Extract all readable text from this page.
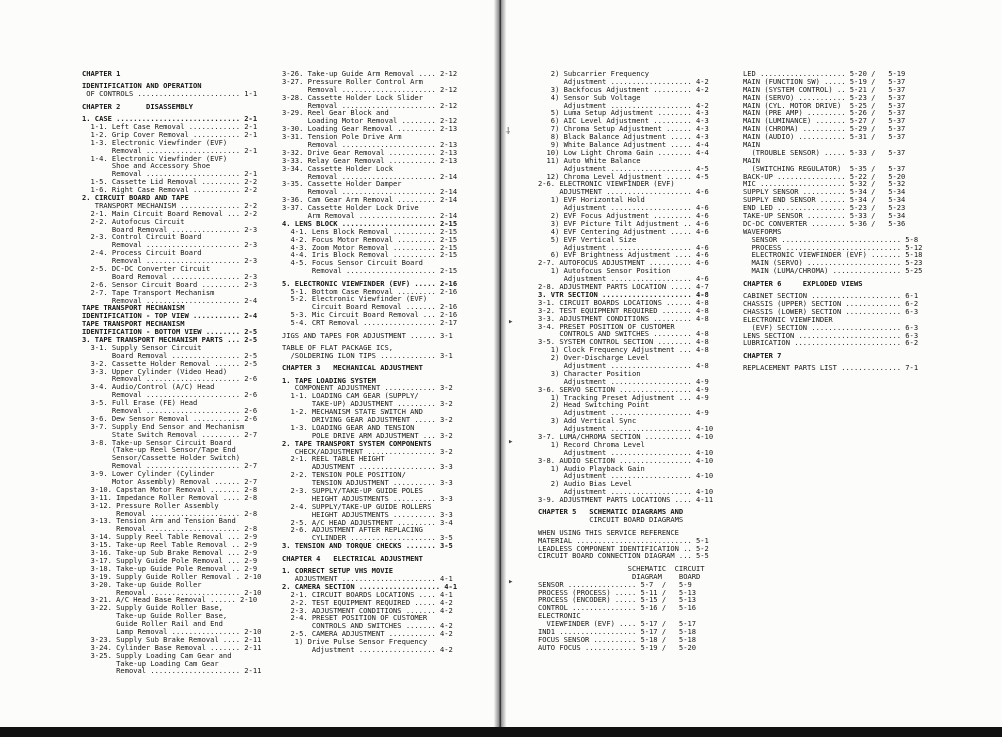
CHAPTER 1
IDENTIFICATION AND OPERATION
OF CONTROLS ........................ 1-1
CHAPTER 2      DISASSEMBLY
1. CASE ............................. 2-1
1-1. Left Case Removal ............ 2-1
1-2. Grip Cover Removal ........... 2-1
1-3. Electronic Viewfinder (EVF)
Removal ...................... 2-1
1-4. Electronic Viewfinder (EVF)
Shoe and Accessory Shoe
Removal ...................... 2-1
1-5. Cassette Lid Removal ......... 2-2
1-6. Right Case Removal ........... 2-2
2. CIRCUIT BOARD AND TAPE
TRANSPORT MECHANISM .............. 2-2
2-1. Main Circuit Board Removal ... 2-2
2-2. Autofocus Circuit
Board Removal ................ 2-3
2-3. Control Circuit Board
Removal ...................... 2-3
2-4. Process Circuit Board
Removal ...................... 2-3
2-5. DC-DC Converter Circuit
Board Removal ................ 2-3
2-6. Sensor Circuit Board ......... 2-3
2-7. Tape Transport Mechanism
Removal ...................... 2-4
TAPE TRANSPORT MECHANISM
IDENTIFICATION - TOP VIEW ........... 2-4
TAPE TRANSPORT MECHANISM
IDENTIFICATION - BOTTOM VIEW ........ 2-5
3. TAPE TRANSPORT MECHANISM PARTS ... 2-5
3-1. Supply Sensor Circuit
Board Removal ................ 2-5
3-2. Cassette Holder Removal ...... 2-5
3-3. Upper Cylinder (Video Head)
Removal ...................... 2-6
3-4. Audio/Control (A/C) Head
Removal ...................... 2-6
3-5. Full Erase (FE) Head
Removal ...................... 2-6
3-6. Dew Sensor Removal ........... 2-6
3-7. Supply End Sensor and Mechanism
State Switch Removal ......... 2-7
3-8. Take-up Sensor Circuit Board
(Take-up Reel Sensor/Tape End
Sensor/Cassette Holder Switch)
Removal ...................... 2-7
3-9. Lower Cylinder (Cylinder
Motor Assembly) Removal ...... 2-7
3-10. Capstan Motor Removal ....... 2-8
3-11. Impedance Roller Removal .... 2-8
3-12. Pressure Roller Assembly
Removal ..................... 2-8
3-13. Tension Arm and Tension Band
Removal ..................... 2-8
3-14. Supply Reel Table Removal ... 2-9
3-15. Take-up Reel Table Removal .. 2-9
3-16. Take-up Sub Brake Removal ... 2-9
3-17. Supply Guide Pole Removal ... 2-9
3-18. Take-up Guide Pole Removal .. 2-9
3-19. Supply Guide Roller Removal . 2-10
3-20. Take-up Guide Roller
Removal ..................... 2-10
3-21. A/C Head Base Removal ...... 2-10
3-22. Supply Guide Roller Base,
Take-up Guide Roller Base,
Guide Roller Rail and End
Lamp Removal ................ 2-10
3-23. Supply Sub Brake Removal .... 2-11
3-24. Cylinder Base Removal ....... 2-11
3-25. Supply Loading Cam Gear and
Take-up Loading Cam Gear
Removal ..................... 2-11
3-26. Take-up Guide Arm Removal .... 2-12
3-27. Pressure Roller Control Arm
Removal ...................... 2-12
3-28. Cassette Holder Lock Slider
Removal ...................... 2-12
3-29. Reel Gear Block and
Loading Motor Removal ........ 2-12
3-30. Loading Gear Removal ......... 2-13
3-31. Tension Pole Drive Arm
Removal ...................... 2-13
3-32. Drive Gear Removal ........... 2-13
3-33. Relay Gear Removal ........... 2-13
3-34. Cassette Holder Lock
Removal ...................... 2-14
3-35. Cassette Holder Damper
Removal ...................... 2-14
3-36. Cam Gear Arm Removal ......... 2-14
3-37. Cassette Holder Lock Drive
Arm Removal .................. 2-14
4. LENS BLOCK ...................... 2-15
4-1. Lens Block Removal .......... 2-15
4-2. Focus Motor Removal ......... 2-15
4-3. Zoom Motor Removal .......... 2-15
4-4. Iris Block Removal .......... 2-15
4-5. Focus Sensor Circuit Board
Removal ..................... 2-15
5. ELECTRONIC VIEWFINDER (EVF) ..... 2-16
5-1. Bottom Case Removal ......... 2-16
5-2. Electronic Viewfinder (EVF)
Circuit Board Removal ....... 2-16
5-3. Mic Circuit Board Removal ... 2-16
5-4. CRT Removal ................. 2-17
JIGS AND TAPES FOR ADJUSTMENT ...... 3-1
TABLE OF FLAT PACKAGE ICS,
/SOLDERING ILON TIPS ............. 3-1
CHAPTER 3   MECHANICAL ADJUSTMENT
1. TAPE LOADING SYSTEM
COMPONENT ADJUSTMENT ............ 3-2
1-1. LOADING CAM GEAR (SUPPLY/
TAKE-UP) ADJUSTMENT ......... 3-2
1-2. MECHANISM STATE SWITCH AND
DRIVING GEAR ADJUSTMENT ..... 3-2
1-3. LOADING GEAR AND TENSION
POLE DRIVE ARM ADJUSTMENT ... 3-2
2. TAPE TRANSPORT SYSTEM COMPONENTS
CHECK/ADJUSTMENT ................ 3-2
2-1. REEL TABLE HEIGHT
ADJUSTMENT .................. 3-3
2-2. TENSION POLE POSITION/
TENSION ADJUSTMENT .......... 3-3
2-3. SUPPLY/TAKE-UP GUIDE POLES
HEIGHT ADJUSTMENTS .......... 3-3
2-4. SUPPLY/TAKE-UP GUIDE ROLLERS
HEIGHT ADJUSTMENTS .......... 3-3
2-5. A/C HEAD ADJUSTMENT ......... 3-4
2-6. ADJUSTMENT AFTER REPLACING
CYLINDER .................... 3-5
3. TENSION AND TORQUE CHECKS ....... 3-5
CHAPTER 4   ELECTRICAL ADJUSTMENT
1. CORRECT SETUP VHS MOVIE
ADJUSTMENT ...................... 4-1
2. CAMERA SECTION ................... 4-1
2-1. CIRCUIT BOARDS LOCATIONS .... 4-1
2-2. TEST EQUIPMENT REQUIRED ..... 4-2
2-3. ADJUSTMENT CONDITIONS ....... 4-2
2-4. PRESET POSITION OF CUSTOMER
CONTROLS AND SWITCHES ....... 4-2
2-5. CAMERA ADJUSTMENT ........... 4-2
1) Drive Pulse Sensor Frequency
Adjustment .................. 4-2
2) Subcarrier Frequency
Adjustment ................... 4-2
3) Backfocus Adjustment ......... 4-2
4) Sensor Sub Voltage
Adjustment ................... 4-2
5) Luma Setup Adjustment ........ 4-3
6) AIC Level Adjustment ......... 4-3
7) Chroma Setup Adjustment ...... 4-3
8) Black Balance Adjustment ..... 4-3
9) White Balance Adjustment ..... 4-4
10) Low Light Chroma Gain ........ 4-4
11) Auto White Balance
Adjustment ................... 4-5
12) Chroma Level Adjustment ...... 4-5
2-6. ELECTRONIC VIEWFINDER (EVF)
ADJUSTMENT .................... 4-6
1) EVF Horizontal Hold
Adjustment ................... 4-6
2) EVF Focus Adjustment ......... 4-6
3) EVF Picture Tilt Adjustment .. 4-6
4) EVF Centering Adjustment ..... 4-6
5) EVF Vertical Size
Adjustment ................... 4-6
6) EVF Brightness Adjustment .... 4-6
2-7. AUTOFOCUS ADJUSTMENT .......... 4-6
1) Autofocus Sensor Position
Adjustment ................... 4-6
2-8. ADJUSTMENT PARTS LOCATION ..... 4-7
3. VTR SECTION ..................... 4-8
3-1. CIRCUIT BOARDS LOCATIONS ...... 4-8
3-2. TEST EQUIPMENT REQUIRED ....... 4-8
3-3. ADJUSTMENT CONDITIONS ......... 4-8
3-4. PRESET POSITION OF CUSTOMER
CONTROLS AND SWITCHES ......... 4-8
3-5. SYSTEM CONTROL SECTION ........ 4-8
1) Clock Frequency Adjustment ... 4-8
2) Over-Discharge Level
Adjustment ................... 4-8
3) Character Position
Adjustment ................... 4-9
3-6. SERVO SECTION ................. 4-9
1) Tracking Preset Adjustment ... 4-9
2) Head Switching Point
Adjustment ................... 4-9
3) Add Vertical Sync
Adjustment ................... 4-10
3-7. LUMA/CHROMA SECTION ........... 4-10
1) Record Chroma Level
Adjustment ................... 4-10
3-8. AUDIO SECTION ................. 4-10
1) Audio Playback Gain
Adjustment ................... 4-10
2) Audio Bias Level
Adjustment ................... 4-10
3-9. ADJUSTMENT PARTS LOCATIONS .... 4-11
CHAPTER 5   SCHEMATIC DIAGRAMS AND
CIRCUIT BOARD DIAGRAMS
WHEN USING THIS SERVICE REFERENCE
MATERIAL ........................... 5-1
LEADLESS COMPONENT IDENTIFICATION .. 5-2
CIRCUIT BOARD CONNECTION DIAGRAM ... 5-5
SCHEMATIC  CIRCUIT
DIAGRAM    BOARD
SENSOR ................ 5-7  /   5-9
PROCESS (PROCESS) ..... 5-11 /   5-13
PROCESS (ENCODER) ..... 5-15 /   5-13
CONTROL ............... 5-16 /   5-16
ELECTRONIC
VIEWFINDER (EVF) .... 5-17 /   5-17
IND1 .................. 5-17 /   5-18
FOCUS SENSOR .......... 5-18 /   5-18
AUTO FOCUS ............ 5-19 /   5-20
LED .................... 5-20 /   5-19
MAIN (FUNCTION SW) ..... 5-19 /   5-37
MAIN (SYSTEM CONTROL) .. 5-21 /   5-37
MAIN (SERVO) ........... 5-23 /   5-37
MAIN (CYL. MOTOR DRIVE)  5-25 /   5-37
MAIN (PRE AMP) ......... 5-26 /   5-37
MAIN (LUMINANCE) ....... 5-27 /   5-37
MAIN (CHROMA) .......... 5-29 /   5-37
MAIN (AUDIO) ........... 5-31 /   5-37
MAIN
(TROUBLE SENSOR) ..... 5-33 /   5-37
MAIN
(SWITCHING REGULATOR)  5-35 /   5-37
BACK-UP ................ 5-22 /   5-20
MIC .................... 5-32 /   5-32
SUPPLY SENSOR .......... 5-34 /   5-34
SUPPLY END SENSOR ...... 5-34 /   5-34
END LED ................ 5-23 /   5-23
TAKE-UP SENSOR ......... 5-33 /   5-34
DC-DC CONVERTER ........ 5-36 /   5-36
WAVEFORMS
SENSOR ............................ 5-8
PROCESS ........................... 5-12
ELECTRONIC VIEWFINDER (EVF) ....... 5-18
MAIN (SERVO) ...................... 5-23
MAIN (LUMA/CHROMA) ................ 5-25
CHAPTER 6     EXPLODED VIEWS
CABINET SECTION ..................... 6-1
CHASSIS (UPPER) SECTION ............. 6-2
CHASSIS (LOWER) SECTION ............. 6-3
ELECTRONIC VIEWFINDER
(EVF) SECTION ..................... 6-3
LENS SECTION ........................ 6-3
LUBRICATION ......................... 6-2
CHAPTER 7
REPLACEMENT PARTS LIST .............. 7-1
⸸
▸
▸
▸
